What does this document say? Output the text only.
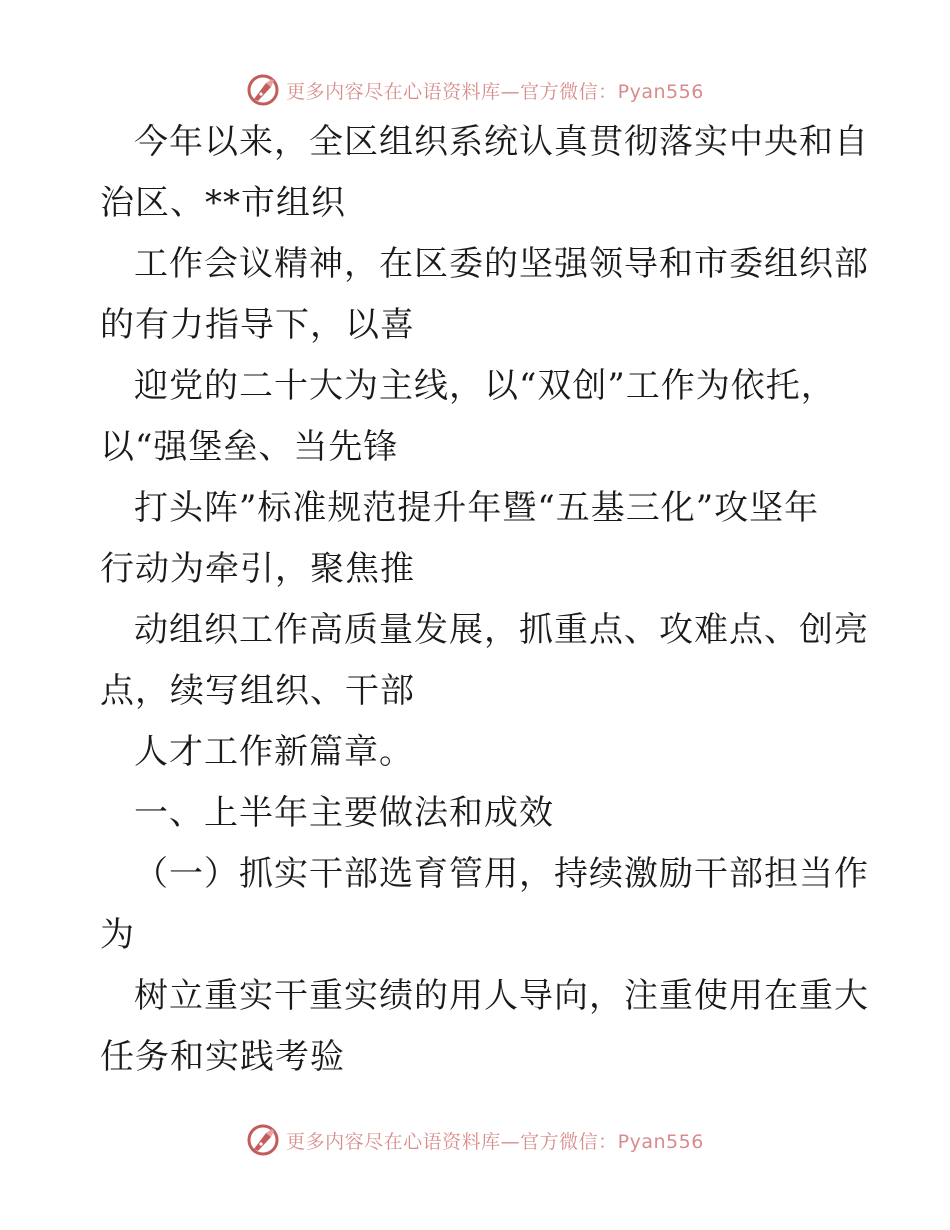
更多内容尽在心语资料库—官方微信：Pyan556

今年以来，全区组织系统认真贯彻落实中央和自

治区、**市组织

工作会议精神，在区委的坚强领导和市委组织部

的有力指导下，以喜

迎党的二十大为主线，以“双创”工作为依托，

以“强堡垒、当先锋

打头阵”标准规范提升年暨“五基三化”攻坚年

行动为牵引，聚焦推

动组织工作高质量发展，抓重点、攻难点、创亮

点，续写组织、干部

人才工作新篇章。

一、上半年主要做法和成效

（一）抓实干部选育管用，持续激励干部担当作

为

树立重实干重实绩的用人导向，注重使用在重大

任务和实践考验

更多内容尽在心语资料库—官方微信：Pyan556
